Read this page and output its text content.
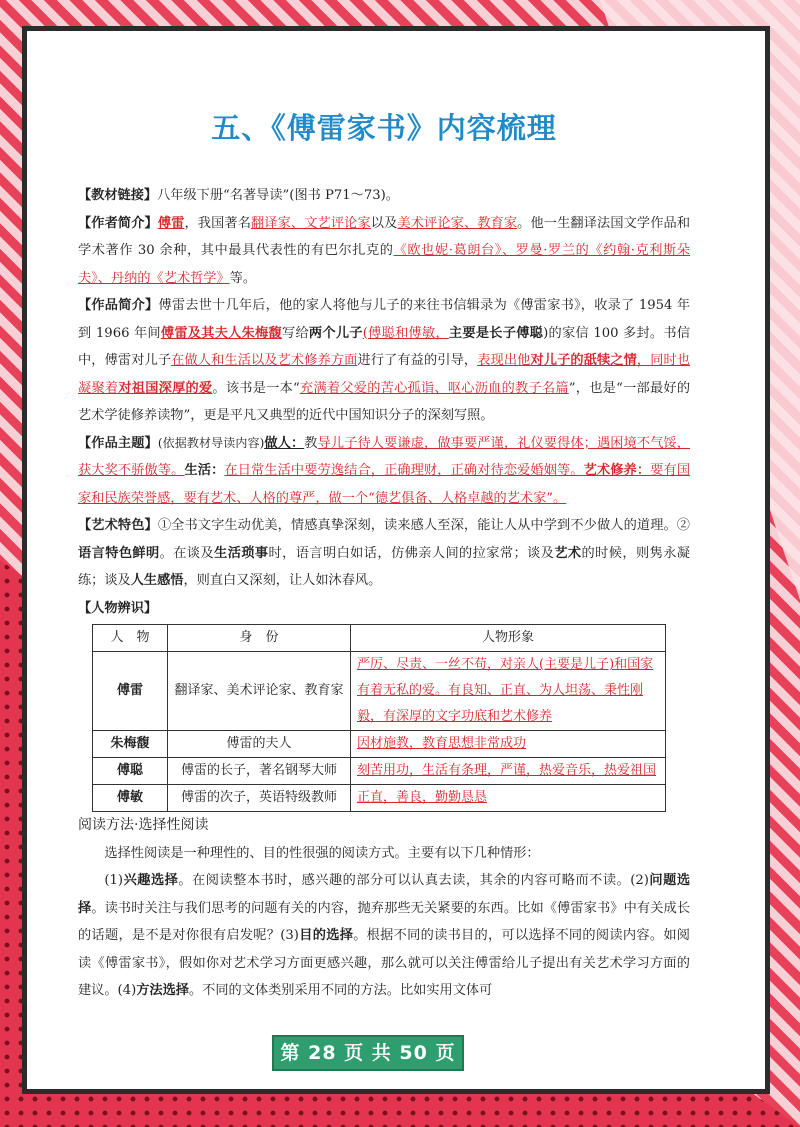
五、《傅雷家书》内容梳理

【教材链接】八年级下册“名著导读”(图书 P71～73)。

【作者简介】傅雷，我国著名翻译家、文艺评论家以及美术评论家、教育家。他一生翻译法国文学作品和学术著作 30 余种，其中最具代表性的有巴尔扎克的《欧也妮·葛朗台》、罗曼·罗兰的《约翰·克利斯朵夫》、丹纳的《艺术哲学》等。

【作品简介】傅雷去世十几年后，他的家人将他与儿子的来往书信辑录为《傅雷家书》，收录了 1954 年到 1966 年间傅雷及其夫人朱梅馥写给两个儿子(傅聪和傅敏，主要是长子傅聪)的家信 100 多封。书信中，傅雷对儿子在做人和生活以及艺术修养方面进行了有益的引导，表现出他对儿子的舐犊之情，同时也凝聚着对祖国深厚的爱。该书是一本“充满着父爱的苦心孤诣、呕心沥血的教子名篇”，也是“一部最好的艺术学徒修养读物”，更是平凡又典型的近代中国知识分子的深刻写照。

【作品主题】(依据教材导读内容)做人：教导儿子待人要谦虚，做事要严谨，礼仪要得体；遇困境不气馁，获大奖不骄傲等。生活：在日常生活中要劳逸结合，正确理财，正确对待恋爱婚姻等。艺术修养：要有国家和民族荣誉感，要有艺术、人格的尊严，做一个“德艺俱备、人格卓越的艺术家”。

【艺术特色】①全书文字生动优美，情感真挚深刻，读来感人至深，能让人从中学到不少做人的道理。②语言特色鲜明。在谈及生活琐事时，语言明白如话，仿佛亲人间的拉家常；谈及艺术的时候，则隽永凝练；谈及人生感悟，则直白又深刻，让人如沐春风。

【人物辨识】

人　物	身　份	人物形象
傅雷	翻译家、美术评论家、教育家	严厉、尽责、一丝不苟，对亲人(主要是儿子)和国家有着无私的爱。有良知、正直、为人坦荡、秉性刚毅，有深厚的文字功底和艺术修养
朱梅馥	傅雷的夫人	因材施教，教育思想非常成功
傅聪	傅雷的长子，著名钢琴大师	刻苦用功，生活有条理，严谨，热爱音乐，热爱祖国
傅敏	傅雷的次子，英语特级教师	正直，善良，勤勤恳恳

阅读方法·选择性阅读

选择性阅读是一种理性的、目的性很强的阅读方式。主要有以下几种情形：

(1)兴趣选择。在阅读整本书时，感兴趣的部分可以认真去读，其余的内容可略而不读。(2)问题选择。读书时关注与我们思考的问题有关的内容，抛弃那些无关紧要的东西。比如《傅雷家书》中有关成长的话题，是不是对你很有启发呢？(3)目的选择。根据不同的读书目的，可以选择不同的阅读内容。如阅读《傅雷家书》，假如你对艺术学习方面更感兴趣，那么就可以关注傅雷给儿子提出有关艺术学习方面的建议。(4)方法选择。不同的文体类别采用不同的方法。比如实用文体可

第 28 页 共 50 页
